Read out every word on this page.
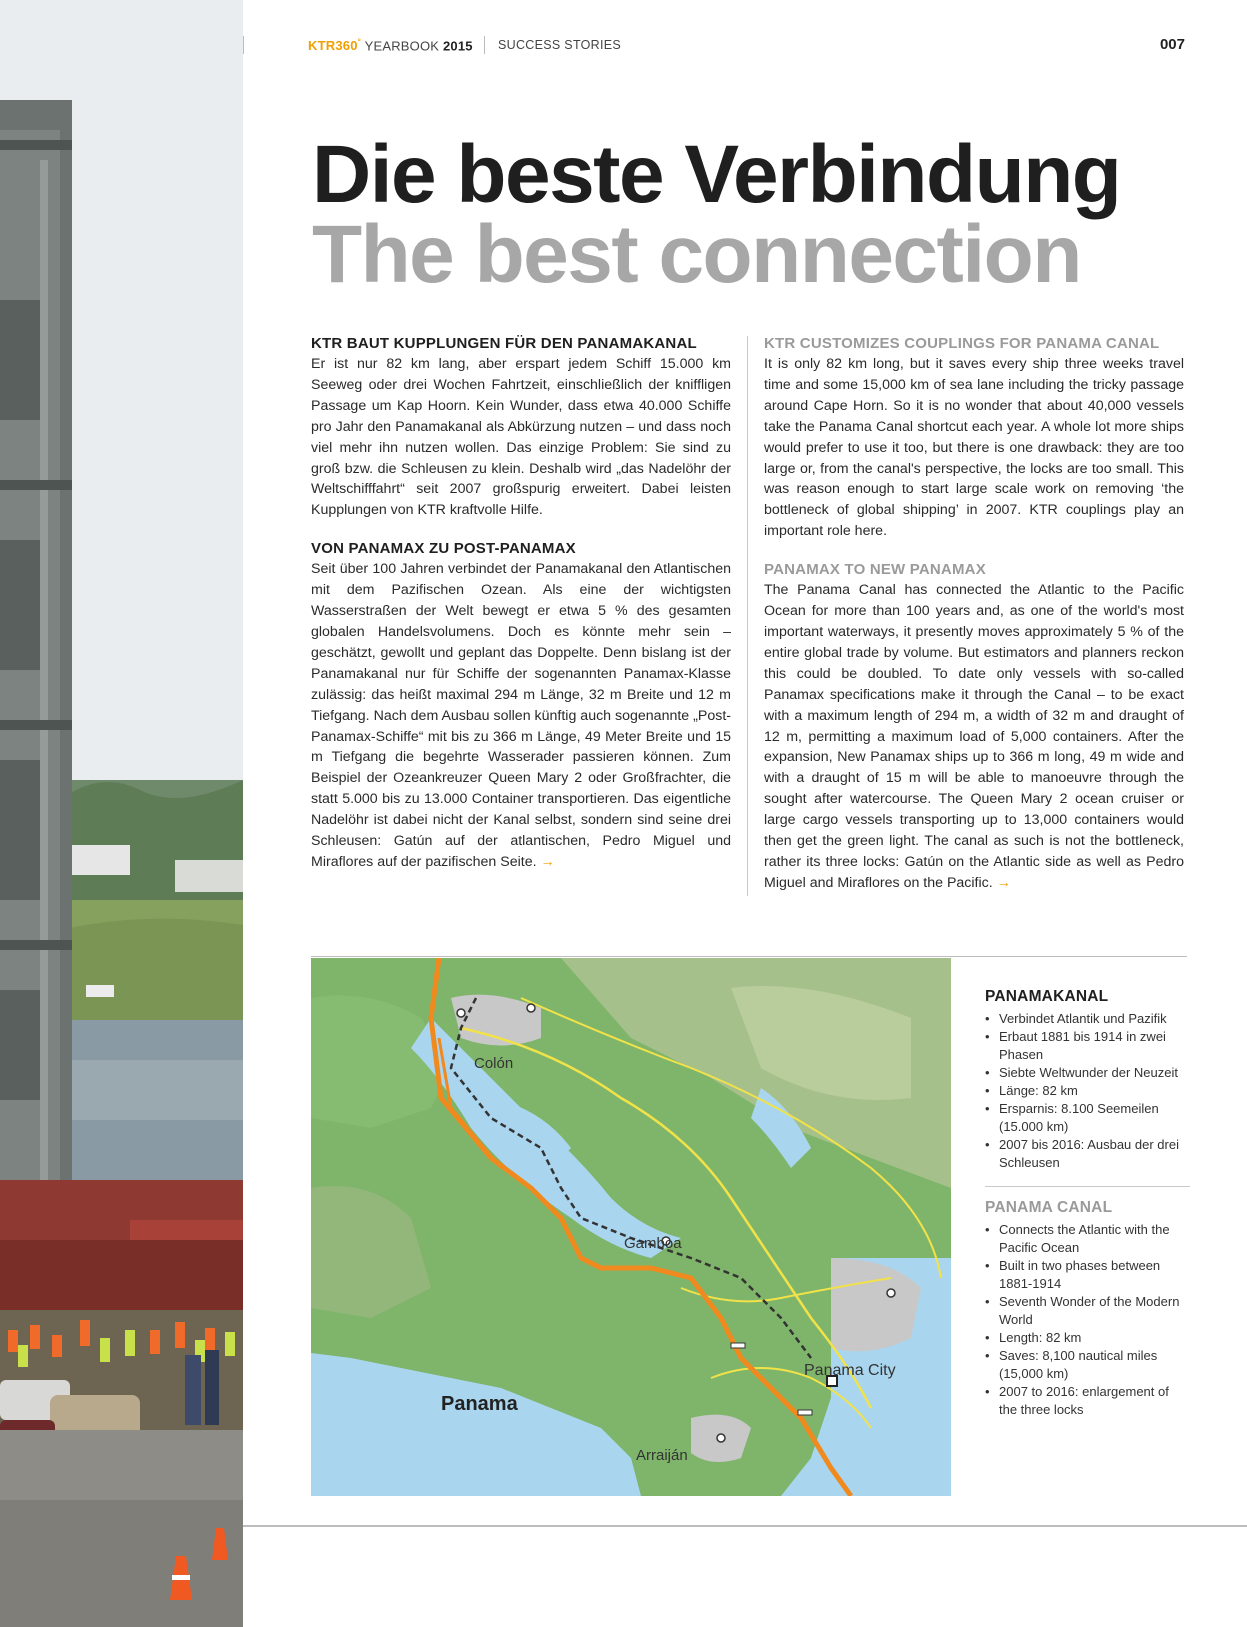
KTR360° YEARBOOK 2015 SUCCESS STORIES	007
Die beste Verbindung
The best connection
KTR BAUT KUPPLUNGEN FÜR DEN PANAMAKANAL

Er ist nur 82 km lang, aber erspart jedem Schiff 15.000 km Seeweg oder drei Wochen Fahrtzeit, einschließlich der kniffligen Passage um Kap Hoorn. Kein Wunder, dass etwa 40.000 Schiffe pro Jahr den Panamakanal als Abkürzung nutzen – und dass noch viel mehr ihn nutzen wollen. Das einzige Problem: Sie sind zu groß bzw. die Schleusen zu klein. Deshalb wird „das Nadelöhr der Weltschifffahrt“ seit 2007 großspurig erweitert. Dabei leisten Kupplungen von KTR kraftvolle Hilfe.

VON PANAMAX ZU POST-PANAMAX

Seit über 100 Jahren verbindet der Panamakanal den Atlantischen mit dem Pazifischen Ozean. Als eine der wichtigsten Wasserstraßen der Welt bewegt er etwa 5 % des gesamten globalen Handelsvolumens. Doch es könnte mehr sein – geschätzt, gewollt und geplant das Doppelte. Denn bislang ist der Panamakanal nur für Schiffe der sogenannten Panamax-Klasse zulässig: das heißt maximal 294 m Länge, 32 m Breite und 12 m Tiefgang. Nach dem Ausbau sollen künftig auch sogenannte „Post-Panamax-Schiffe“ mit bis zu 366 m Länge, 49 Meter Breite und 15 m Tiefgang die begehrte Wasserader passieren können. Zum Beispiel der Ozeankreuzer Queen Mary 2 oder Großfrachter, die statt 5.000 bis zu 13.000 Container transportieren. Das eigentliche Nadelöhr ist dabei nicht der Kanal selbst, sondern sind seine drei Schleusen: Gatún auf der atlantischen, Pedro Miguel und Miraflores auf der pazifischen Seite. →

KTR CUSTOMIZES COUPLINGS FOR PANAMA CANAL

It is only 82 km long, but it saves every ship three weeks travel time and some 15,000 km of sea lane including the tricky passage around Cape Horn. So it is no wonder that about 40,000 vessels take the Panama Canal shortcut each year. A whole lot more ships would prefer to use it too, but there is one drawback: they are too large or, from the canal's perspective, the locks are too small. This was reason enough to start large scale work on removing ‘the bottleneck of global shipping’ in 2007. KTR couplings play an important role here.

PANAMAX TO NEW PANAMAX

The Panama Canal has connected the Atlantic to the Pacific Ocean for more than 100 years and, as one of the world's most important waterways, it presently moves approximately 5 % of the entire global trade by volume. But estimators and planners reckon this could be doubled. To date only vessels with so-called Panamax specifications make it through the Canal – to be exact with a maximum length of 294 m, a width of 32 m and draught of 12 m, permitting a maximum load of 5,000 containers. After the expansion, New Panamax ships up to 366 m long, 49 m wide and with a draught of 15 m will be able to manoeuvre through the sought after watercourse. The Queen Mary 2 ocean cruiser or large cargo vessels transporting up to 13,000 containers would then get the green light. The canal as such is not the bottleneck, rather its three locks: Gatún on the Atlantic side as well as Pedro Miguel and Miraflores on the Pacific. →

Colón
Gamboa
Panama City
Panama
Arraiján
PANAMAKANAL
• Verbindet Atlantik und Pazifik
• Erbaut 1881 bis 1914 in zwei Phasen
• Siebte Weltwunder der Neuzeit
• Länge: 82 km
• Ersparnis: 8.100 Seemeilen (15.000 km)
• 2007 bis 2016: Ausbau der drei Schleusen
PANAMA CANAL
• Connects the Atlantic with the Pacific Ocean
• Built in two phases between 1881-1914
• Seventh Wonder of the Modern World
• Length: 82 km
• Saves: 8,100 nautical miles (15,000 km)
• 2007 to 2016: enlargement of the three locks
